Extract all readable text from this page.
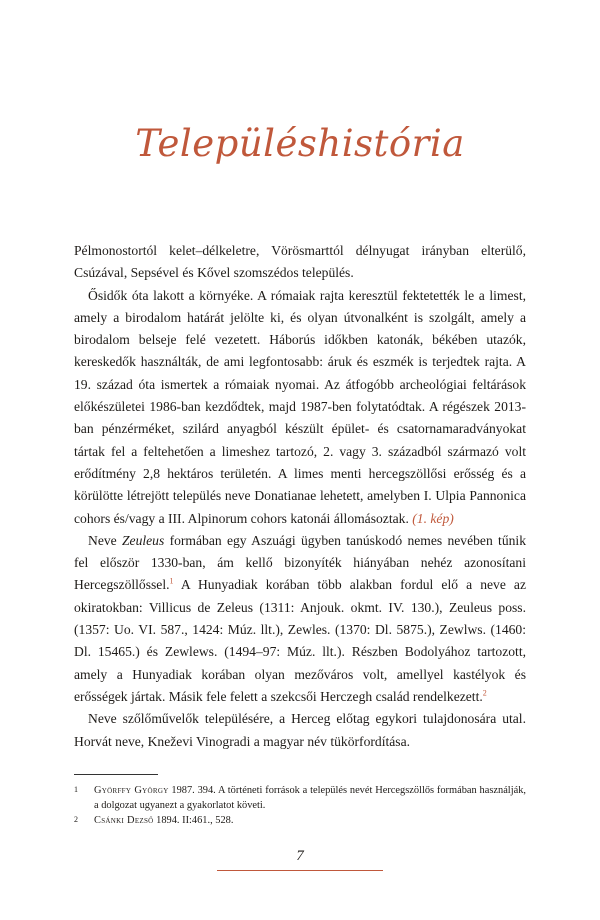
Településhistória

Pélmonostortól kelet–délkeletre, Vörösmarttól délnyugat irányban elterülő, Csúzával, Sepsével és Kővel szomszédos település.

Ősidők óta lakott a környéke. A rómaiak rajta keresztül fektetették le a limest, amely a birodalom határát jelölte ki, és olyan útvonalként is szolgált, amely a birodalom belseje felé vezetett. Háborús időkben katonák, békében utazók, kereskedők használták, de ami legfontosabb: áruk és eszmék is terjedtek rajta. A 19. század óta ismertek a rómaiak nyomai. Az átfogóbb archeológiai feltárások előkészületei 1986-ban kezdődtek, majd 1987-ben folytatódtak. A régészek 2013-ban pénzérméket, szilárd anyagból készült épület- és csatornamaradványokat tártak fel a feltehetően a limeshez tartozó, 2. vagy 3. századból származó volt erődítmény 2,8 hektáros területén. A limes menti hercegszöllősi erősség és a körülötte létrejött település neve Donatianae lehetett, amelyben I. Ulpia Pannonica cohors és/vagy a III. Alpinorum cohors katonái állomásoztak. (1. kép)

Neve Zeuleus formában egy Aszuági ügyben tanúskodó nemes nevében tűnik fel először 1330-ban, ám kellő bizonyíték hiányában nehéz azonosítani Hercegszöllőssel.$^1$ A Hunyadiak korában több alakban fordul elő a neve az okiratokban: Villicus de Zeleus (1311: Anjouk. okmt. IV. 130.), Zeuleus poss. (1357: Uo. VI. 587., 1424: Múz. llt.), Zewles. (1370: Dl. 5875.), Zewlws. (1460: Dl. 15465.) és Zewlews. (1494–97: Múz. llt.). Részben Bodolyához tartozott, amely a Hunyadiak korában olyan mezőváros volt, amellyel kastélyok és erősségek jártak. Másik fele felett a szekcsői Herczegh család rendelkezett.$^2$

Neve szőlőművelők településére, a Herceg előtag egykori tulajdonosára utal. Horvát neve, Kneževi Vinogradi a magyar név tükörfordítása.

1 Györffy György 1987. 394. A történeti források a település nevét Hercegszöllős formában használják, a dolgozat ugyanezt a gyakorlatot követi.
2 Csánki Dezső 1894. II:461., 528.
7
